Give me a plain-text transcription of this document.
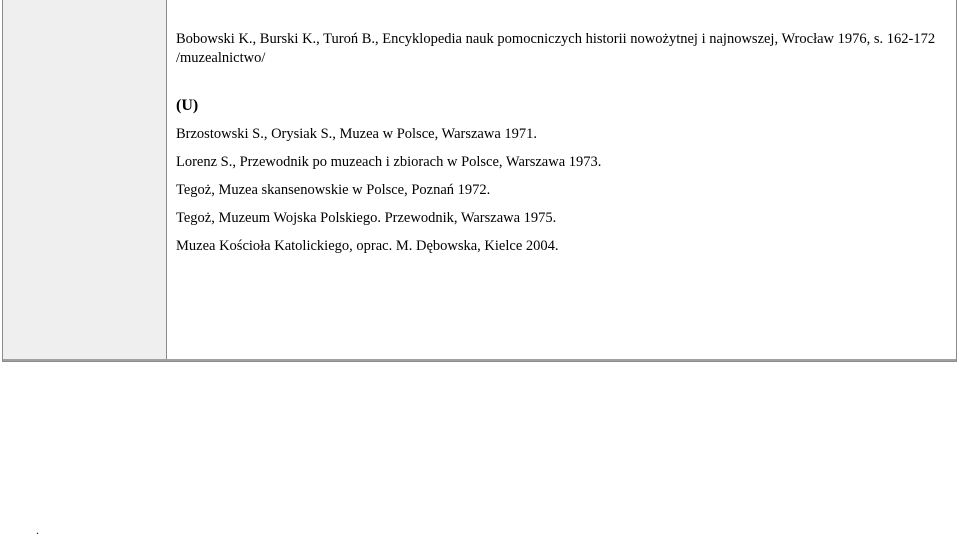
Bobowski K., Burski K., Turoń B., Encyklopedia nauk pomocniczych historii nowożytnej i najnowszej, Wrocław 1976, s. 162-172 /muzealnictwo/
(U)
Brzostowski S., Orysiak S., Muzea w Polsce, Warszawa 1971.
Lorenz S., Przewodnik po muzeach i zbiorach w Polsce, Warszawa 1973.
Tegoż, Muzea skansenowskie w Polsce, Poznań 1972.
Tegoż, Muzeum Wojska Polskiego. Przewodnik, Warszawa 1975.
Muzea Kościoła Katolickiego, oprac. M. Dębowska, Kielce 2004.
.
